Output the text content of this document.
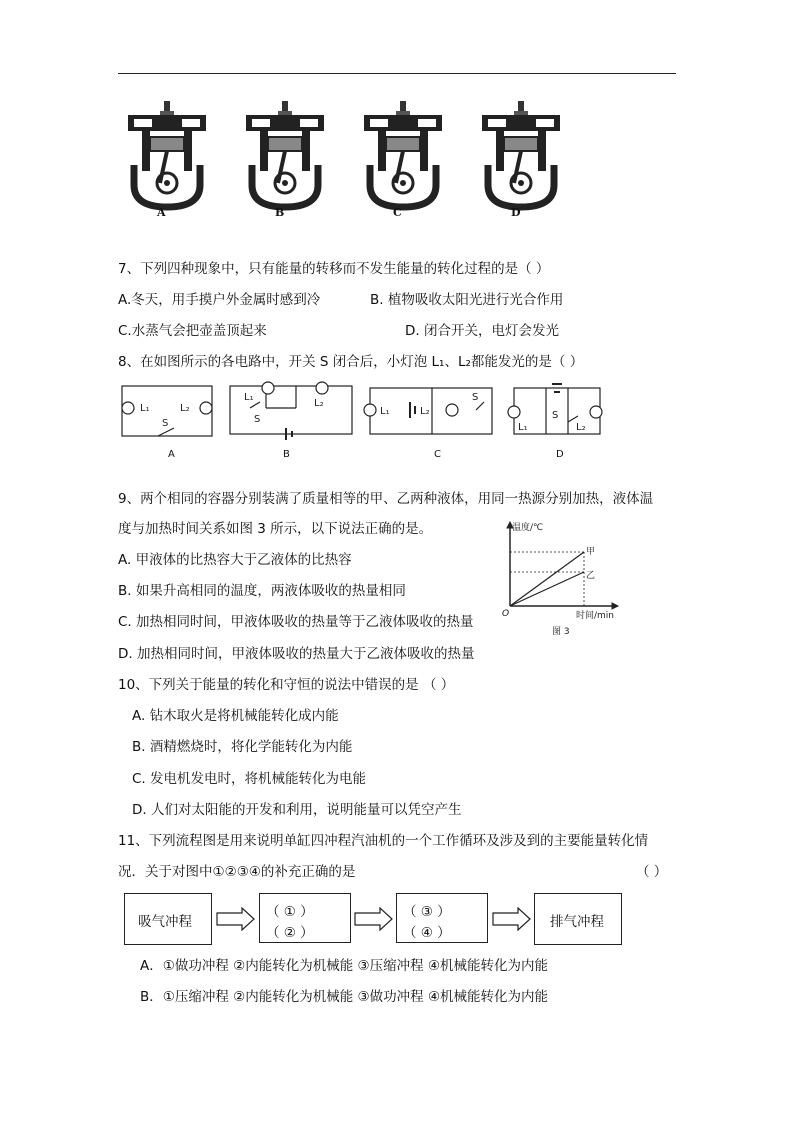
A	B	C	D
7、下列四种现象中，只有能量的转移而不发生能量的转化过程的是（ ）
A.冬天，用手摸户外金属时感到冷	B. 植物吸收太阳光进行光合作用
C.水蒸气会把壶盖顶起来	D. 闭合开关，电灯会发光
8、在如图所示的各电路中，开关 S 闭合后，小灯泡 L₁、L₂都能发光的是（ ）
L₁	L₂
S
L₁
L₂
S
L₁	L₂
S
L₁	L₂
S
A	B	C	D
9、两个相同的容器分别装满了质量相等的甲、乙两种液体，用同一热源分别加热，液体温
度与加热时间关系如图 3 所示，以下说法正确的是。
A. 甲液体的比热容大于乙液体的比热容
B. 如果升高相同的温度，两液体吸收的热量相同
C. 加热相同时间，甲液体吸收的热量等于乙液体吸收的热量
D. 加热相同时间，甲液体吸收的热量大于乙液体吸收的热量
温度/℃
时间/min
O
甲
乙
图 3
10、下列关于能量的转化和守恒的说法中错误的是 （ ）
A. 钻木取火是将机械能转化成内能
B. 酒精燃烧时，将化学能转化为内能
C. 发电机发电时，将机械能转化为电能
D. 人们对太阳能的开发和利用，说明能量可以凭空产生
11、下列流程图是用来说明单缸四冲程汽油机的一个工作循环及涉及到的主要能量转化情
况．关于对图中①②③④的补充正确的是	（ ）
吸气冲程
（ ① ）
（ ② ）
（ ③ ）
（ ④ ）
排气冲程
A．①做功冲程 ②内能转化为机械能 ③压缩冲程 ④机械能转化为内能
B．①压缩冲程 ②内能转化为机械能 ③做功冲程 ④机械能转化为内能
